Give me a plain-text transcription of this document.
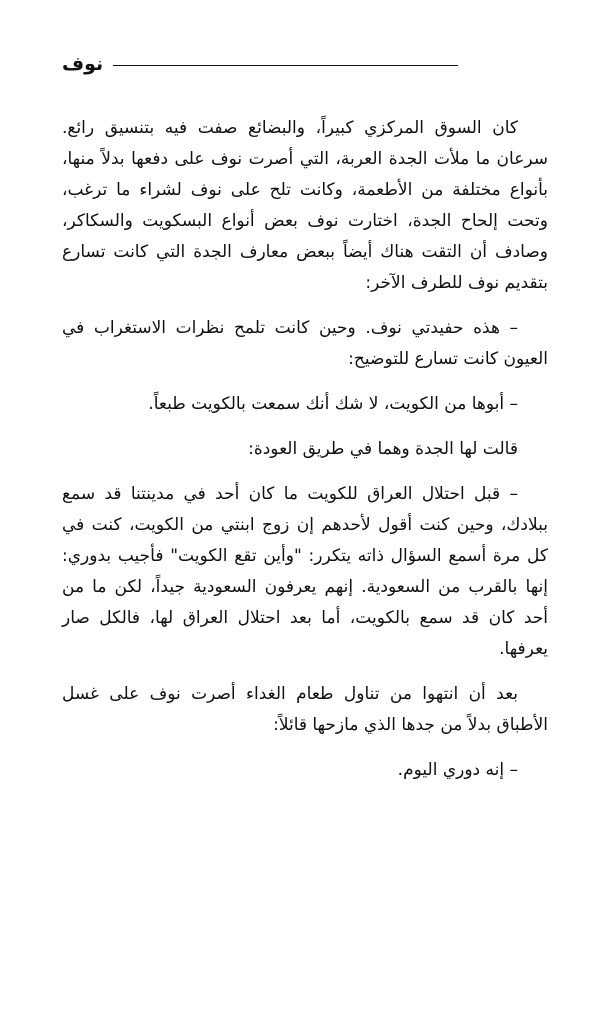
نوف

كان السوق المركزي كبيراً، والبضائع صفت فيه بتنسيق رائع. سرعان ما ملأت الجدة العربة، التي أصرت نوف على دفعها بدلاً منها، بأنواع مختلفة من الأطعمة، وكانت تلح على نوف لشراء ما ترغب، وتحت إلحاح الجدة، اختارت نوف بعض أنواع البسكويت والسكاكر، وصادف أن التقت هناك أيضاً ببعض معارف الجدة التي كانت تسارع بتقديم نوف للطرف الآخر:

– هذه حفيدتي نوف. وحين كانت تلمح نظرات الاستغراب في العيون كانت تسارع للتوضيح:

– أبوها من الكويت، لا شك أنك سمعت بالكويت طبعاً.

قالت لها الجدة وهما في طريق العودة:

– قبل احتلال العراق للكويت ما كان أحد في مدينتنا قد سمع ببلادك، وحين كنت أقول لأحدهم إن زوج ابنتي من الكويت، كنت في كل مرة أسمع السؤال ذاته يتكرر: "وأين تقع الكويت" فأجيب بدوري: إنها بالقرب من السعودية. إنهم يعرفون السعودية جيداً، لكن ما من أحد كان قد سمع بالكويت، أما بعد احتلال العراق لها، فالكل صار يعرفها.

بعد أن انتهوا من تناول طعام الغداء أصرت نوف على غسل الأطباق بدلاً من جدها الذي مازحها قائلاً:

– إنه دوري اليوم.
